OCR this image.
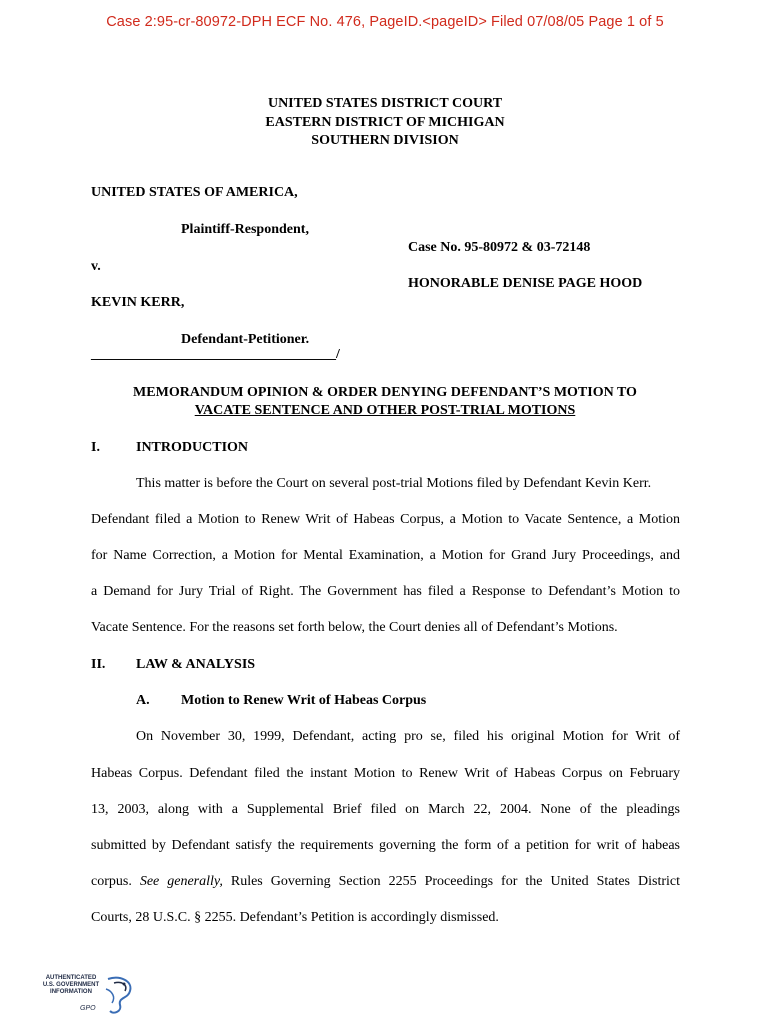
Case 2:95-cr-80972-DPH ECF No. 476, PageID.<pageID> Filed 07/08/05 Page 1 of 5
UNITED STATES DISTRICT COURT
EASTERN DISTRICT OF MICHIGAN
SOUTHERN DIVISION
UNITED STATES OF AMERICA,
Plaintiff-Respondent,
Case No. 95-80972 & 03-72148
v.
HONORABLE DENISE PAGE HOOD
KEVIN KERR,
Defendant-Petitioner.
___________________________________/
MEMORANDUM OPINION & ORDER DENYING DEFENDANT’S MOTION TO
VACATE SENTENCE AND OTHER POST-TRIAL MOTIONS
I.	INTRODUCTION
This matter is before the Court on several post-trial Motions filed by Defendant Kevin Kerr.
Defendant filed a Motion to Renew Writ of Habeas Corpus, a Motion to Vacate Sentence, a Motion
for Name Correction, a Motion for Mental Examination, a Motion for Grand Jury Proceedings, and
a Demand for Jury Trial of Right. The Government has filed a Response to Defendant’s Motion to
Vacate Sentence. For the reasons set forth below, the Court denies all of Defendant’s Motions.
II. LAW & ANALYSIS
A. Motion to Renew Writ of Habeas Corpus
On November 30, 1999, Defendant, acting pro se, filed his original Motion for Writ of
Habeas Corpus. Defendant filed the instant Motion to Renew Writ of Habeas Corpus on February
13, 2003, along with a Supplemental Brief filed on March 22, 2004. None of the pleadings
submitted by Defendant satisfy the requirements governing the form of a petition for writ of habeas
corpus. See generally, Rules Governing Section 2255 Proceedings for the United States District
Courts, 28 U.S.C. § 2255. Defendant’s Petition is accordingly dismissed.
AUTHENTICATED U.S. GOVERNMENT INFORMATION
GPO
